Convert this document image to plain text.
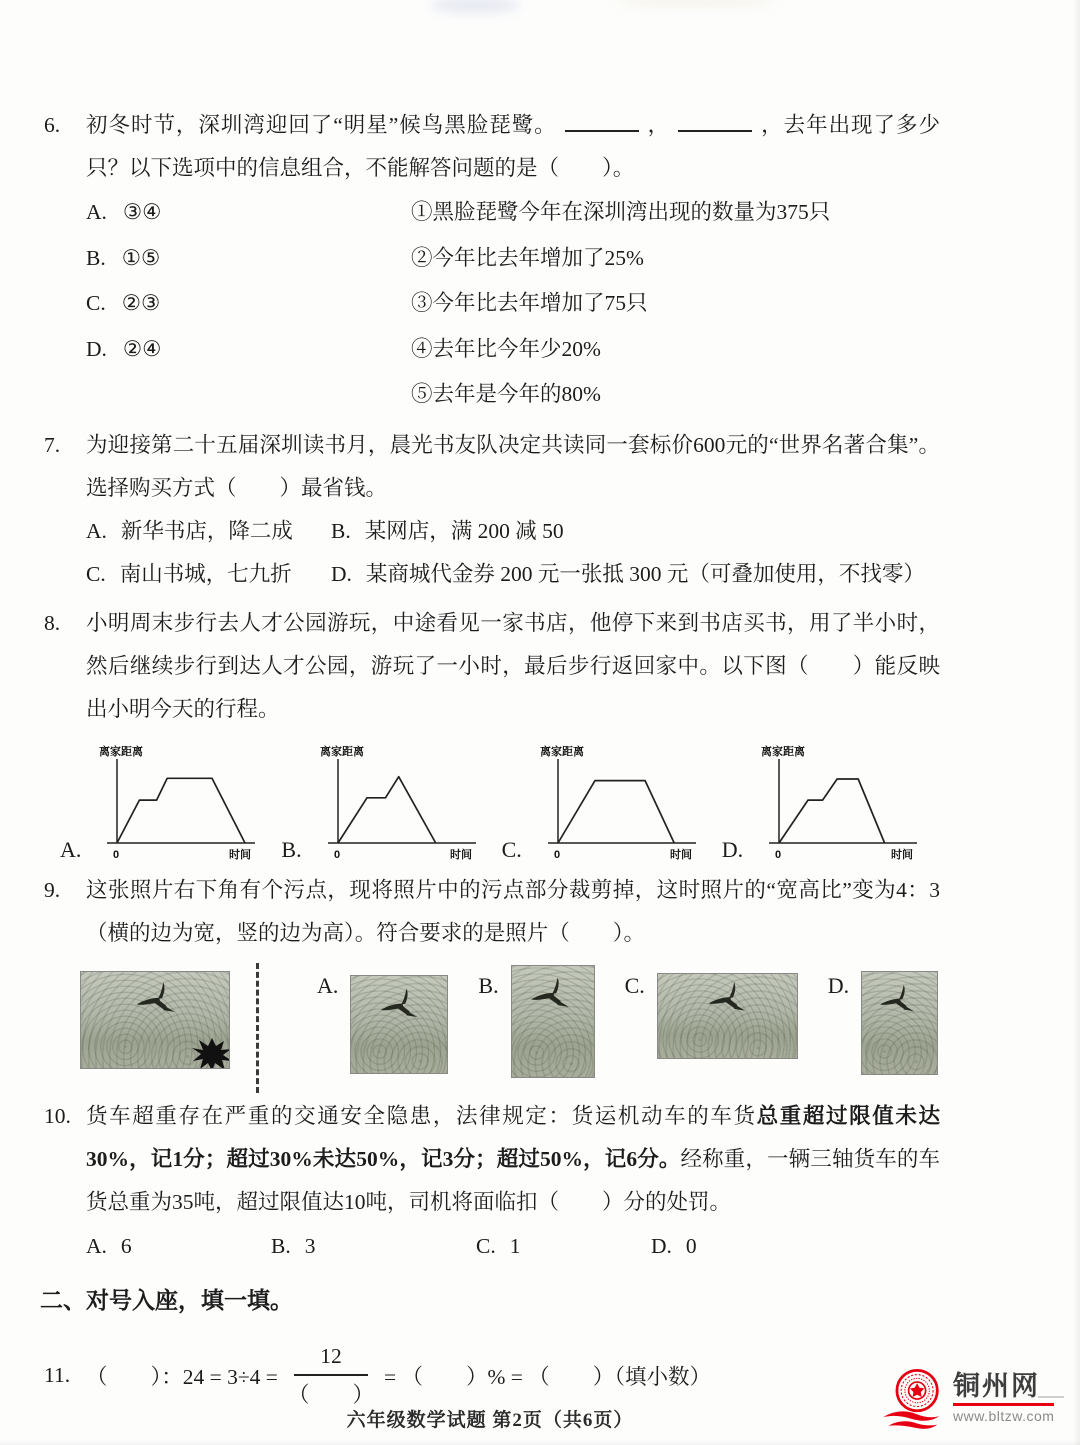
6. 初冬时节，深圳湾迎回了“明星”候鸟黑脸琵鹭。	，	，去年出现了多少只？以下选项中的信息组合，不能解答问题的是（　　）。
A. ③④	①黑脸琵鹭今年在深圳湾出现的数量为375只
B. ①⑤	②今年比去年增加了25%
C. ②③	③今年比去年增加了75只
D. ②④	④去年比今年少20%
⑤去年是今年的80%
7. 为迎接第二十五届深圳读书月，晨光书友队决定共读同一套标价600元的“世界名著合集”。选择购买方式（　　）最省钱。
A. 新华书店，降二成	B. 某网店，满 200 减 50
C. 南山书城，七九折	D. 某商城代金券 200 元一张抵 300 元（可叠加使用，不找零）
8. 小明周末步行去人才公园游玩，中途看见一家书店，他停下来到书店买书，用了半小时，然后继续步行到达人才公园，游玩了一小时，最后步行返回家中。以下图（　　）能反映出小明今天的行程。
A.
离家距离
0	时间 B.
离家距离
0	时间 C.
离家距离
0	时间 D.
离家距离
0	时间
9. 这张照片右下角有个污点，现将照片中的污点部分裁剪掉，这时照片的“宽高比”变为4：3（横的边为宽，竖的边为高）。符合要求的是照片（　　）。
A.	B.	C.	D.
10. 货车超重存在严重的交通安全隐患，法律规定：货运机动车的车货总重超过限值未达30%，记1分；超过30%未达50%，记3分；超过50%，记6分。经称重，一辆三轴货车的车货总重为35吨，超过限值达10吨，司机将面临扣（　　）分的处罚。
A. 6	B. 3	C. 1	D. 0
二、对号入座，填一填。
11. （　　）：$24 = 3\div 4 = \frac{12}{( )}$ = （　　）% = （　　）（填小数）
六年级数学试题 第2页（共6页）
铜州网
www.bltzw.com
